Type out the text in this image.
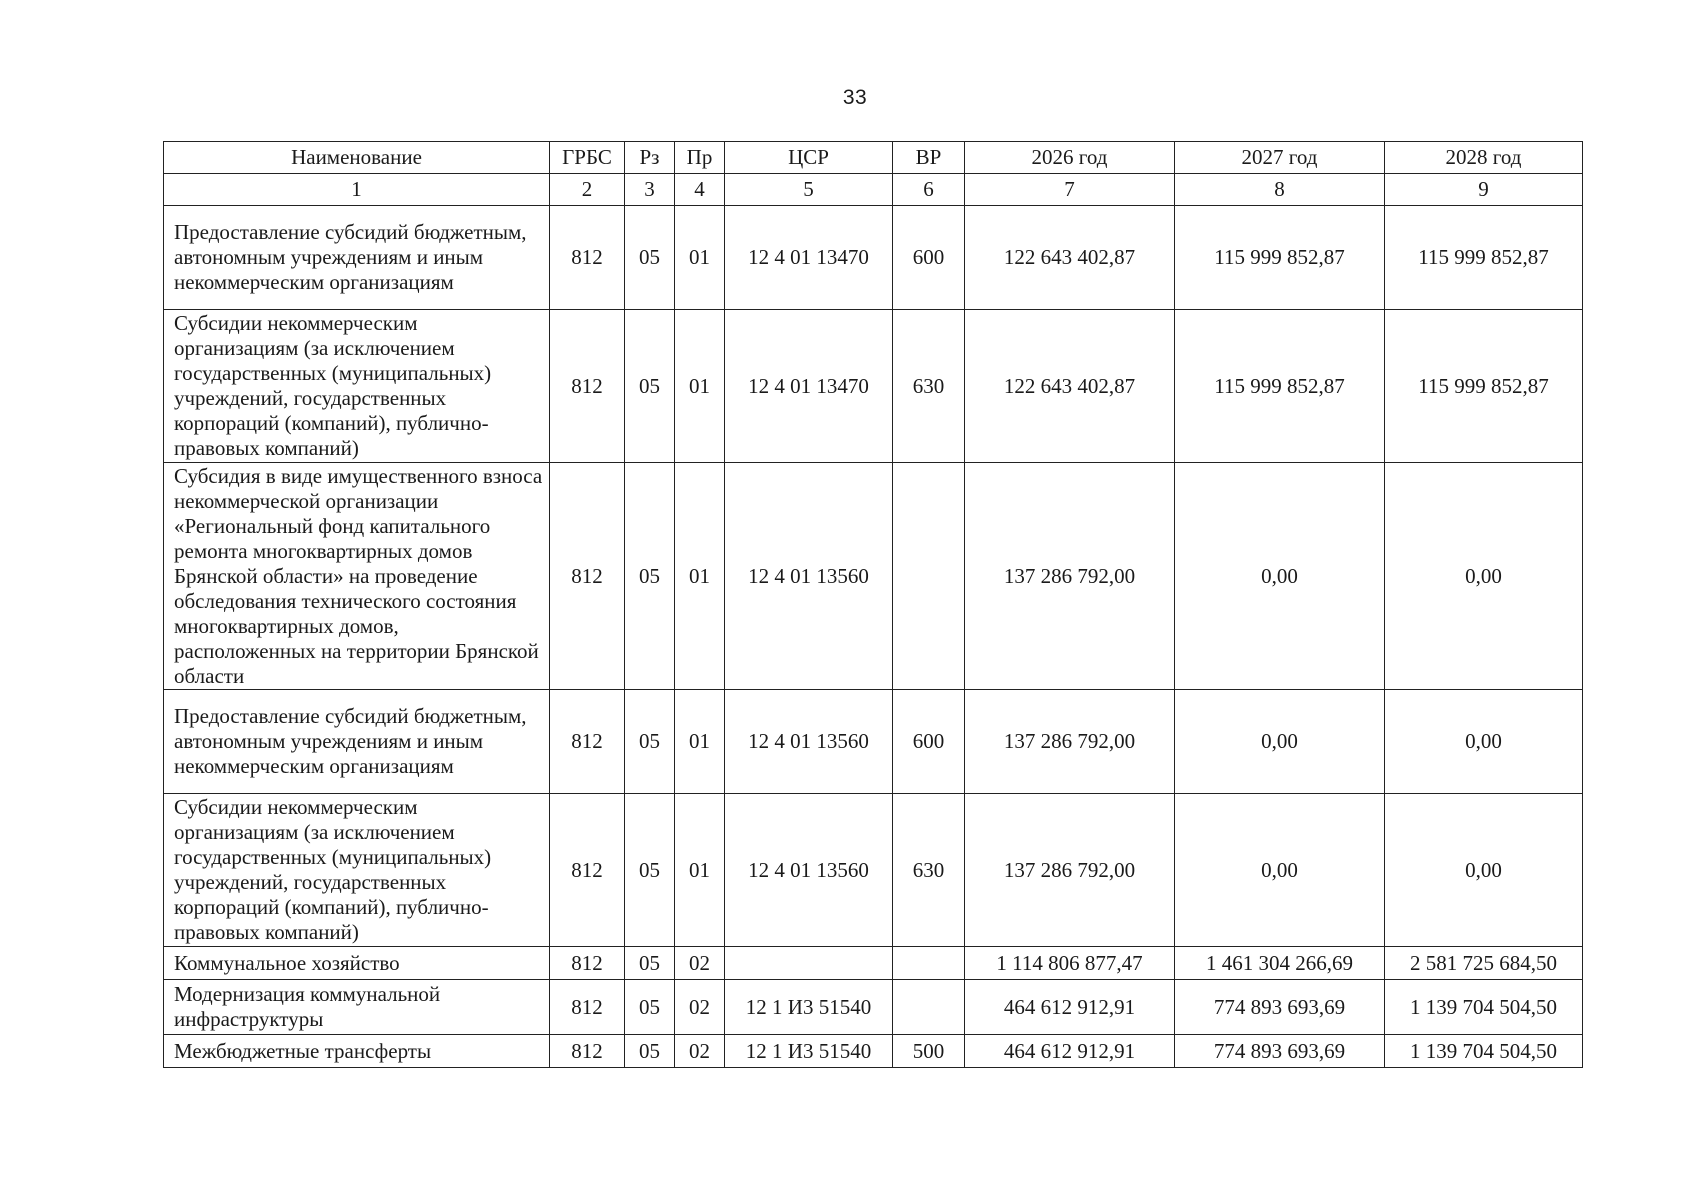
33
Наименование	ГРБС	Рз	Пр	ЦСР	ВР	2026 год	2027 год	2028 год
1	2	3	4	5	6	7	8	9
Предоставление субсидий бюджетным, автономным учреждениям и иным некоммерческим организациям	812	05	01	12 4 01 13470	600	122 643 402,87	115 999 852,87	115 999 852,87
Субсидии некоммерческим организациям (за исключением государственных (муниципальных) учреждений, государственных корпораций (компаний), публично-правовых компаний)	812	05	01	12 4 01 13470	630	122 643 402,87	115 999 852,87	115 999 852,87
Субсидия в виде имущественного взноса некоммерческой организации «Региональный фонд капитального ремонта многоквартирных домов Брянской области» на проведение обследования технического состояния многоквартирных домов, расположенных на территории Брянской области	812	05	01	12 4 01 13560		137 286 792,00	0,00	0,00
Предоставление субсидий бюджетным, автономным учреждениям и иным некоммерческим организациям	812	05	01	12 4 01 13560	600	137 286 792,00	0,00	0,00
Субсидии некоммерческим организациям (за исключением государственных (муниципальных) учреждений, государственных корпораций (компаний), публично-правовых компаний)	812	05	01	12 4 01 13560	630	137 286 792,00	0,00	0,00
Коммунальное хозяйство	812	05	02			1 114 806 877,47	1 461 304 266,69	2 581 725 684,50
Модернизация коммунальной инфраструктуры	812	05	02	12 1 И3 51540		464 612 912,91	774 893 693,69	1 139 704 504,50
Межбюджетные трансферты	812	05	02	12 1 И3 51540	500	464 612 912,91	774 893 693,69	1 139 704 504,50
